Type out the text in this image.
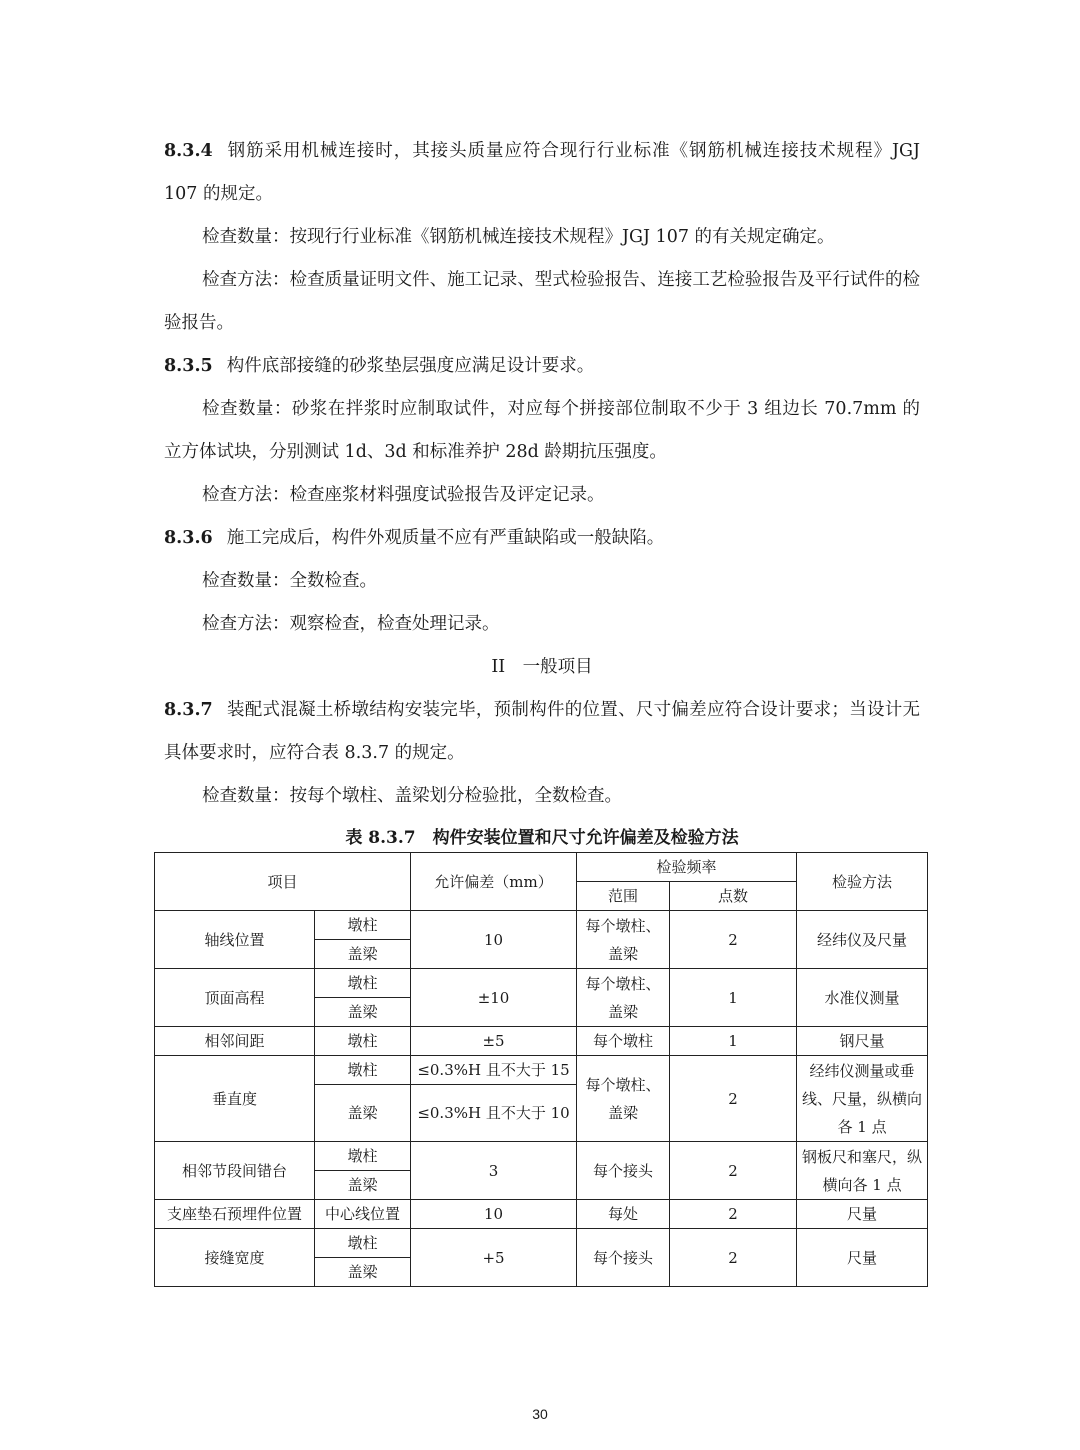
8.3.4 钢筋采用机械连接时，其接头质量应符合现行行业标准《钢筋机械连接技术规程》JGJ 107 的规定。

检查数量：按现行行业标准《钢筋机械连接技术规程》JGJ 107 的有关规定确定。

检查方法：检查质量证明文件、施工记录、型式检验报告、连接工艺检验报告及平行试件的检验报告。

8.3.5 构件底部接缝的砂浆垫层强度应满足设计要求。

检查数量：砂浆在拌浆时应制取试件，对应每个拼接部位制取不少于 3 组边长 70.7mm 的立方体试块，分别测试 1d、3d 和标准养护 28d 龄期抗压强度。

检查方法：检查座浆材料强度试验报告及评定记录。

8.3.6 施工完成后，构件外观质量不应有严重缺陷或一般缺陷。

检查数量：全数检查。

检查方法：观察检查，检查处理记录。

II　一般项目

8.3.7 装配式混凝土桥墩结构安装完毕，预制构件的位置、尺寸偏差应符合设计要求；当设计无具体要求时，应符合表 8.3.7 的规定。

检查数量：按每个墩柱、盖梁划分检验批，全数检查。

表 8.3.7　构件安装位置和尺寸允许偏差及检验方法

项目		允许偏差（mm）	检验频率		检验方法
			范围	点数	
轴线位置	墩柱	10	每个墩柱、盖梁	2	经纬仪及尺量
	盖梁				
顶面高程	墩柱	±10	每个墩柱、盖梁	1	水准仪测量
	盖梁				
相邻间距	墩柱	±5	每个墩柱	1	钢尺量
垂直度	墩柱	≤0.3%H 且不大于 15	每个墩柱、盖梁	2	经纬仪测量或垂线、尺量，纵横向各 1 点
	盖梁	≤0.3%H 且不大于 10			
相邻节段间错台	墩柱	3	每个接头	2	钢板尺和塞尺，纵横向各 1 点
	盖梁				
支座垫石预埋件位置	中心线位置	10	每处	2	尺量
接缝宽度	墩柱	+5	每个接头	2	尺量
	盖梁				
30
